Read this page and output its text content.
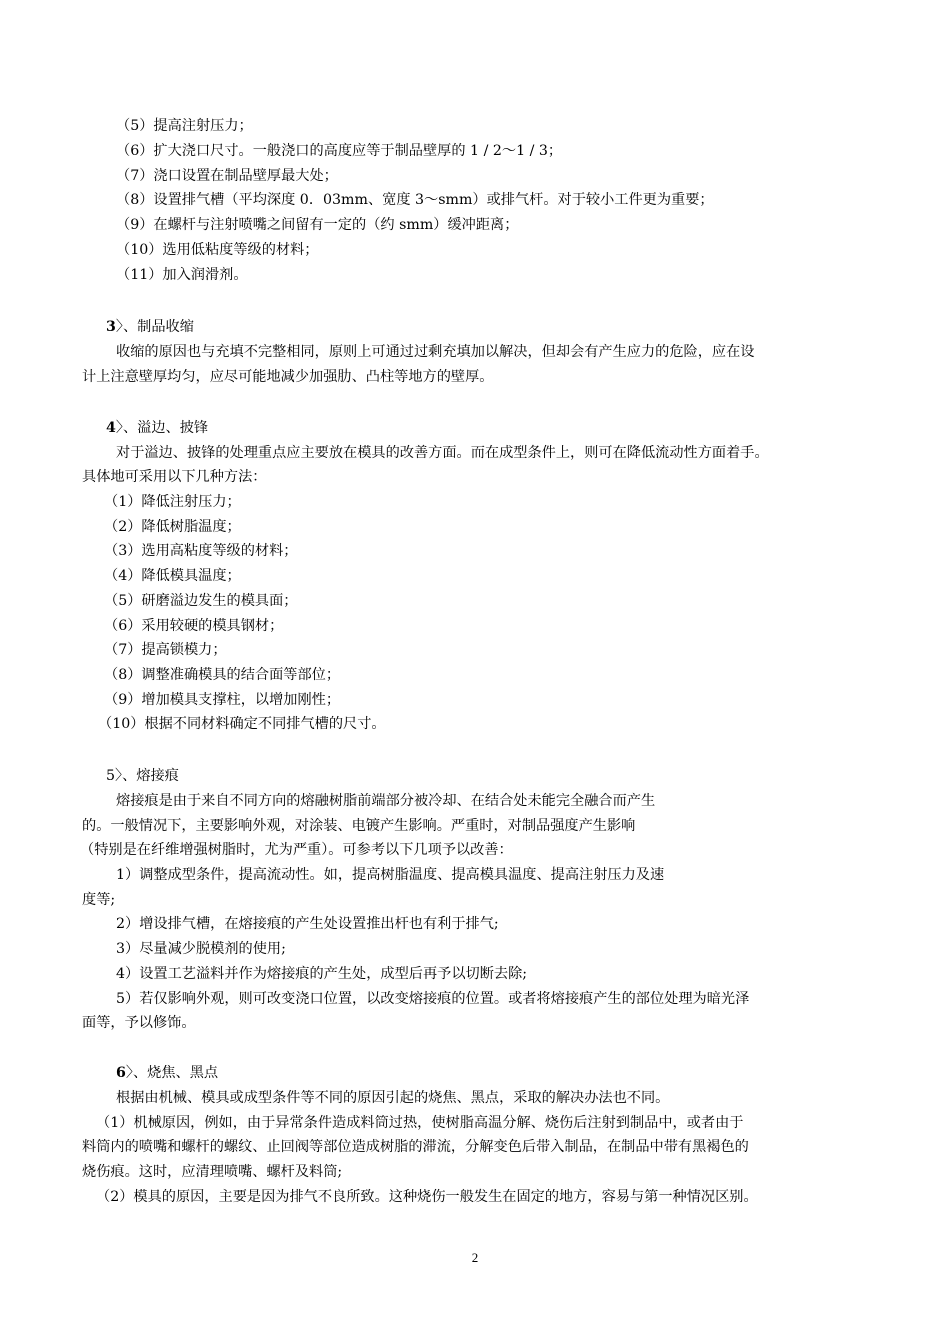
（5）提高注射压力；
（6）扩大浇口尺寸。一般浇口的高度应等于制品壁厚的 1 / 2～1 / 3；
（7）浇口设置在制品壁厚最大处；
（8）设置排气槽（平均深度 0．03mm、宽度 3～smm）或排气杆。对于较小工件更为重要；
（9）在螺杆与注射喷嘴之间留有一定的（约 smm）缓冲距离；
（10）选用低粘度等级的材料；
（11）加入润滑剂。
3〉、制品收缩
收缩的原因也与充填不完整相同，原则上可通过过剩充填加以解决，但却会有产生应力的危险，应在设
计上注意壁厚均匀，应尽可能地减少加强肋、凸柱等地方的壁厚。
4〉、溢边、披锋
对于溢边、披锋的处理重点应主要放在模具的改善方面。而在成型条件上，则可在降低流动性方面着手。
具体地可采用以下几种方法：
（1）降低注射压力；
（2）降低树脂温度；
（3）选用高粘度等级的材料；
（4）降低模具温度；
（5）研磨溢边发生的模具面；
（6）采用较硬的模具钢材；
（7）提高锁模力；
（8）调整准确模具的结合面等部位；
（9）增加模具支撑柱，以增加刚性；
（10）根据不同材料确定不同排气槽的尺寸。
5〉、熔接痕
熔接痕是由于来自不同方向的熔融树脂前端部分被冷却、在结合处未能完全融合而产生
的。一般情况下，主要影响外观，对涂装、电镀产生影响。严重时，对制品强度产生影响
（特别是在纤维增强树脂时，尤为严重）。可参考以下几项予以改善：
1）调整成型条件，提高流动性。如，提高树脂温度、提高模具温度、提高注射压力及速
度等;
2）增设排气槽，在熔接痕的产生处设置推出杆也有利于排气;
3）尽量减少脱模剂的使用;
4）设置工艺溢料并作为熔接痕的产生处，成型后再予以切断去除;
5）若仅影响外观，则可改变浇口位置，以改变熔接痕的位置。或者将熔接痕产生的部位处理为暗光泽
面等，予以修饰。
6〉、烧焦、黑点
根据由机械、模具或成型条件等不同的原因引起的烧焦、黑点，采取的解决办法也不同。
（1）机械原因，例如，由于异常条件造成料筒过热，使树脂高温分解、烧伤后注射到制品中，或者由于
料筒内的喷嘴和螺杆的螺纹、止回阀等部位造成树脂的滞流，分解变色后带入制品，在制品中带有黑褐色的
烧伤痕。这时，应清理喷嘴、螺杆及料筒;
（2）模具的原因，主要是因为排气不良所致。这种烧伤一般发生在固定的地方，容易与第一种情况区别。
2
